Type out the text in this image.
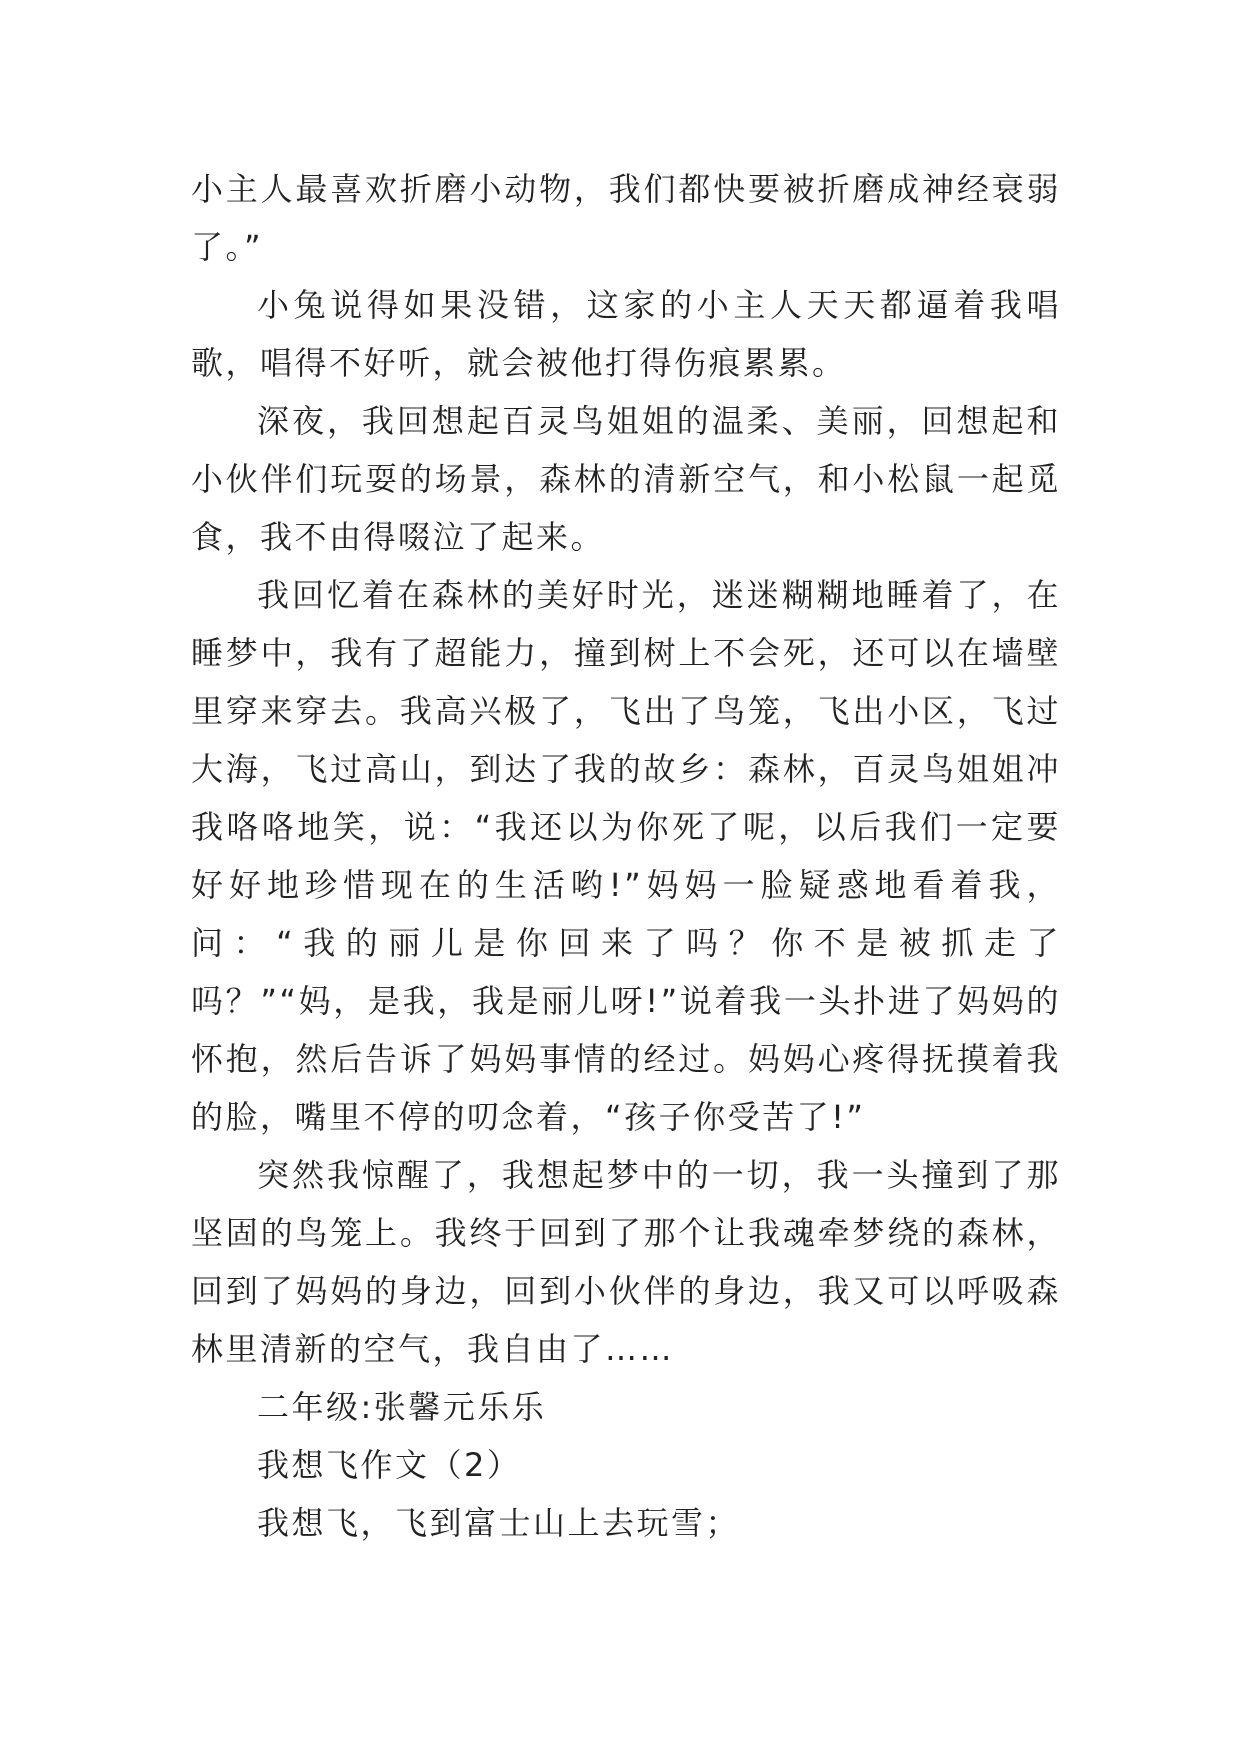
小主人最喜欢折磨小动物，我们都快要被折磨成神经衰弱了。”

小兔说得如果没错，这家的小主人天天都逼着我唱歌，唱得不好听，就会被他打得伤痕累累。

深夜，我回想起百灵鸟姐姐的温柔、美丽，回想起和小伙伴们玩耍的场景，森林的清新空气，和小松鼠一起觅食，我不由得啜泣了起来。

我回忆着在森林的美好时光，迷迷糊糊地睡着了，在睡梦中，我有了超能力，撞到树上不会死，还可以在墙壁里穿来穿去。我高兴极了，飞出了鸟笼，飞出小区，飞过大海，飞过高山，到达了我的故乡：森林，百灵鸟姐姐冲我咯咯地笑，说：“我还以为你死了呢，以后我们一定要好好地珍惜现在的生活哟!”妈妈一脸疑惑地看着我，问：“我的丽儿是你回来了吗？你不是被抓走了吗？”“妈，是我，我是丽儿呀!”说着我一头扑进了妈妈的怀抱，然后告诉了妈妈事情的经过。妈妈心疼得抚摸着我的脸，嘴里不停的叨念着，“孩子你受苦了!”

突然我惊醒了，我想起梦中的一切，我一头撞到了那坚固的鸟笼上。我终于回到了那个让我魂牵梦绕的森林，回到了妈妈的身边，回到小伙伴的身边，我又可以呼吸森林里清新的空气，我自由了……

二年级:张馨元乐乐

我想飞作文（2）

我想飞，飞到富士山上去玩雪；
